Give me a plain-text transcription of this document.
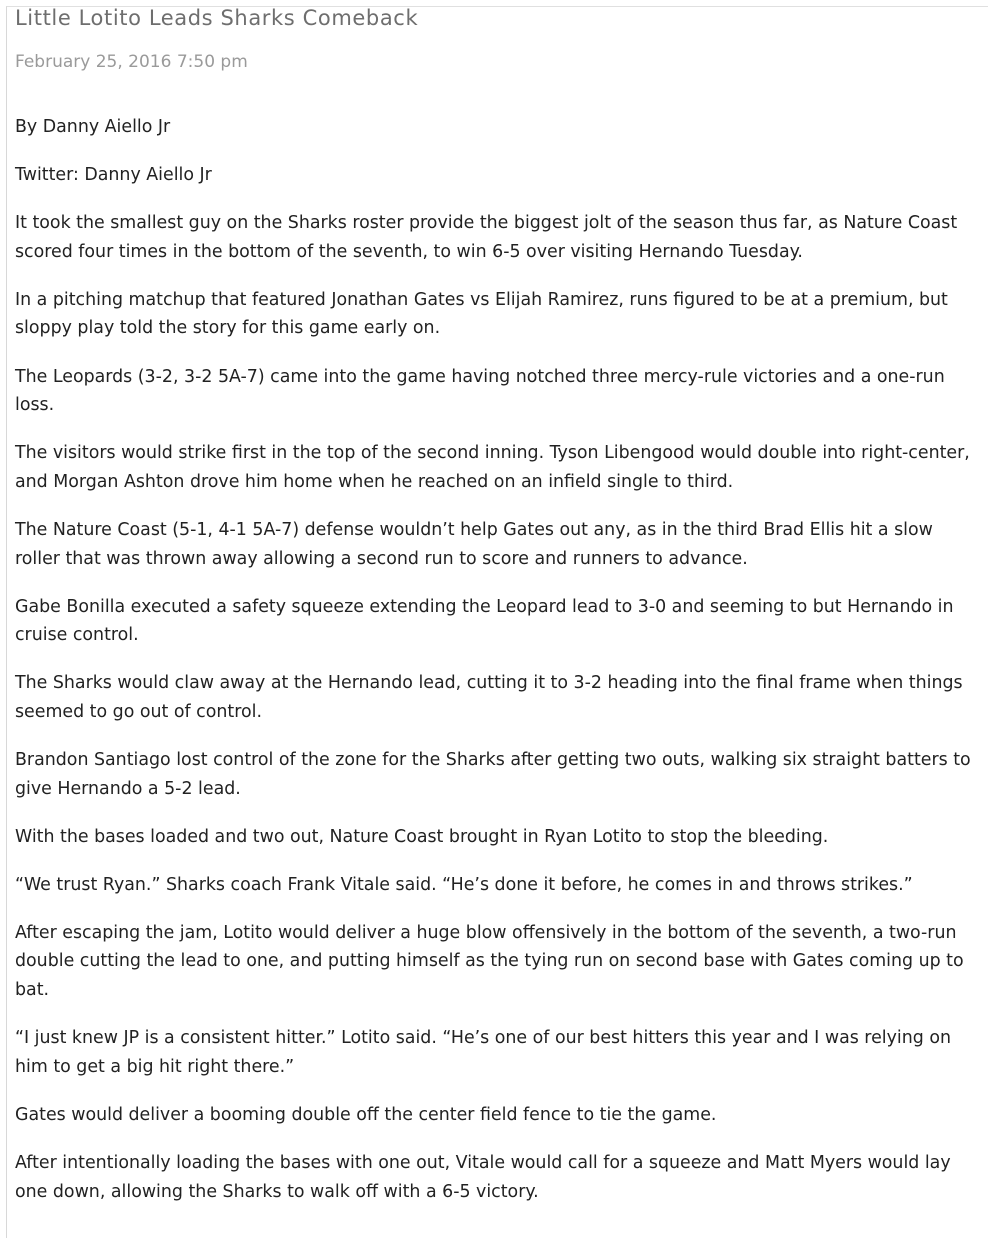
Little Lotito Leads Sharks Comeback
February 25, 2016 7:50 pm

By Danny Aiello Jr

Twitter: Danny Aiello Jr

It took the smallest guy on the Sharks roster provide the biggest jolt of the season thus far, as Nature Coast scored four times in the bottom of the seventh, to win 6-5 over visiting Hernando Tuesday.

In a pitching matchup that featured Jonathan Gates vs Elijah Ramirez, runs figured to be at a premium, but sloppy play told the story for this game early on.

The Leopards (3-2, 3-2 5A-7) came into the game having notched three mercy-rule victories and a one-run loss.

The visitors would strike first in the top of the second inning. Tyson Libengood would double into right-center, and Morgan Ashton drove him home when he reached on an infield single to third.

The Nature Coast (5-1, 4-1 5A-7) defense wouldn’t help Gates out any, as in the third Brad Ellis hit a slow roller that was thrown away allowing a second run to score and runners to advance.

Gabe Bonilla executed a safety squeeze extending the Leopard lead to 3-0 and seeming to but Hernando in cruise control.

The Sharks would claw away at the Hernando lead, cutting it to 3-2 heading into the final frame when things seemed to go out of control.

Brandon Santiago lost control of the zone for the Sharks after getting two outs, walking six straight batters to give Hernando a 5-2 lead.

With the bases loaded and two out, Nature Coast brought in Ryan Lotito to stop the bleeding.

“We trust Ryan.” Sharks coach Frank Vitale said. “He’s done it before, he comes in and throws strikes.”

After escaping the jam, Lotito would deliver a huge blow offensively in the bottom of the seventh, a two-run double cutting the lead to one, and putting himself as the tying run on second base with Gates coming up to bat.

“I just knew JP is a consistent hitter.” Lotito said. “He’s one of our best hitters this year and I was relying on him to get a big hit right there.”

Gates would deliver a booming double off the center field fence to tie the game.

After intentionally loading the bases with one out, Vitale would call for a squeeze and Matt Myers would lay one down, allowing the Sharks to walk off with a 6-5 victory.
